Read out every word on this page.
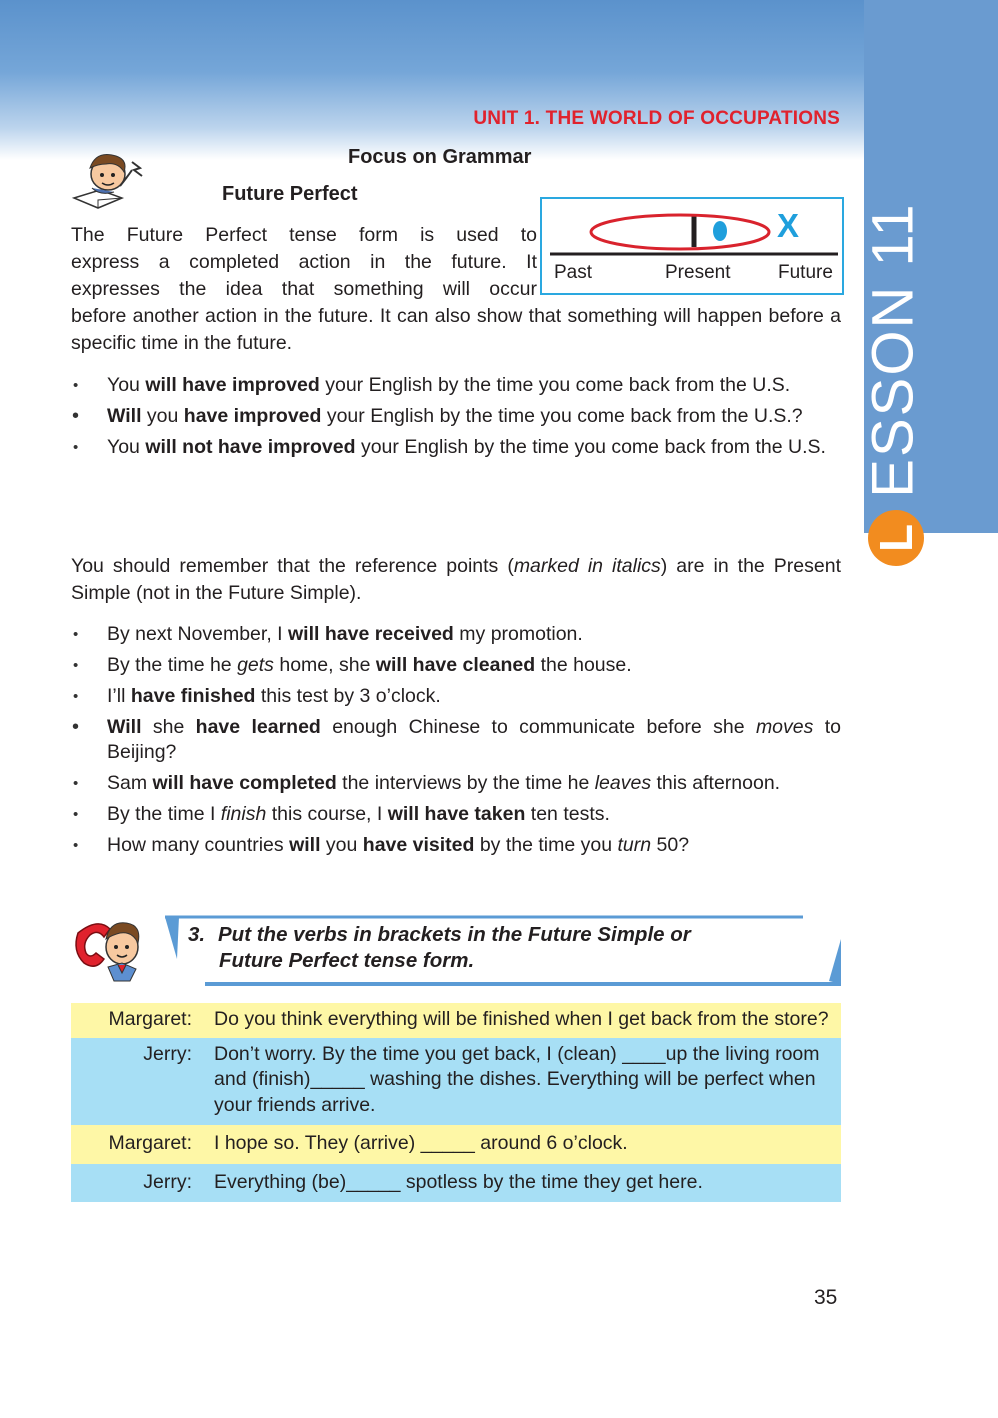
ESSON 11
L
UNIT 1. THE WORLD OF OCCUPATIONS
Focus on Grammar
Future Perfect
X
Past	Present	Future
The Future Perfect tense form is used to
express a completed action in the future. It
expresses the idea that something will occur
before another action in the future. It can also show that something will happen before a specific time in the future.
• You will have improved your English by the time you come back from the U.S.
• Will you have improved your English by the time you come back from the U.S.?
• You will not have improved your English by the time you come back from the U.S.
You should remember that the reference points (marked in italics) are in the Present Simple (not in the Future Simple).
• By next November, I will have received my promotion.
• By the time he gets home, she will have cleaned the house.
• I’ll have finished this test by 3 o’clock.
• Will she have learned enough Chinese to communicate before she moves to Beijing?
• Sam will have completed the interviews by the time he leaves this afternoon.
• By the time I finish this course, I will have taken ten tests.
• How many countries will you have visited by the time you turn 50?
3. Put the verbs in brackets in the Future Simple or
Future Perfect tense form.
Margaret:	Do you think everything will be finished when I get back from the store?
Jerry:	Don’t worry. By the time you get back, I (clean) ____up the living room and (finish)_____ washing the dishes. Everything will be perfect when your friends arrive.
Margaret:	I hope so. They (arrive) _____ around 6 o’clock.
Jerry:	Everything (be)_____ spotless by the time they get here.
35
